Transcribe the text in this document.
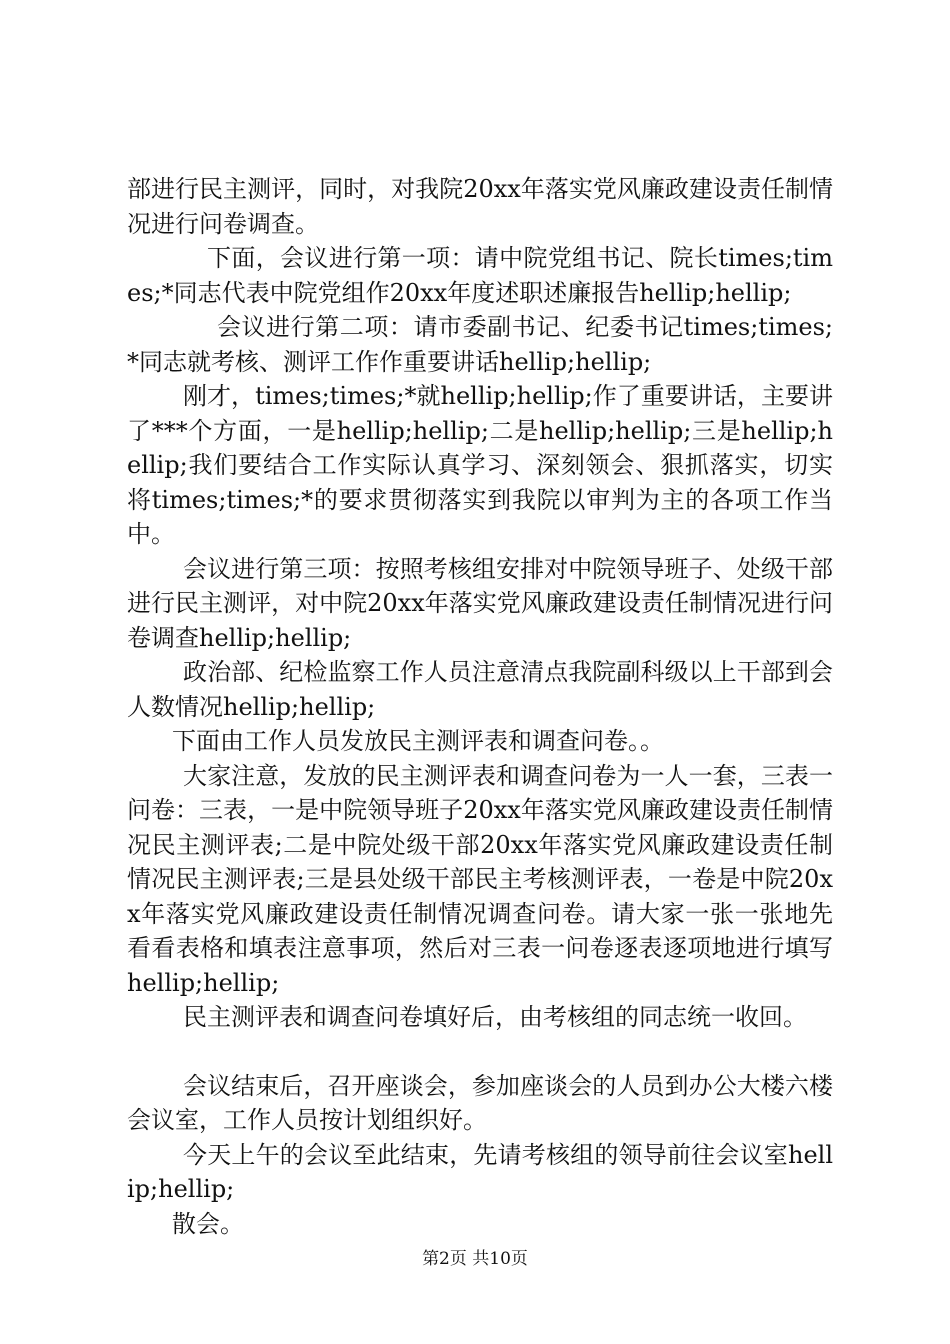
部进行民主测评，同时，对我院20xx年落实党风廉政建设责任制情况进行问卷调查。

下面，会议进行第一项：请中院党组书记、院长times;times;*同志代表中院党组作20xx年度述职述廉报告hellip;hellip;

会议进行第二项：请市委副书记、纪委书记times;times;*同志就考核、测评工作作重要讲话hellip;hellip;

刚才，times;times;*就hellip;hellip;作了重要讲话，主要讲了***个方面，一是hellip;hellip;二是hellip;hellip;三是hellip;hellip;我们要结合工作实际认真学习、深刻领会、狠抓落实，切实将times;times;*的要求贯彻落实到我院以审判为主的各项工作当中。

会议进行第三项：按照考核组安排对中院领导班子、处级干部进行民主测评，对中院20xx年落实党风廉政建设责任制情况进行问卷调查hellip;hellip;

政治部、纪检监察工作人员注意清点我院副科级以上干部到会人数情况hellip;hellip;

下面由工作人员发放民主测评表和调查问卷。。

大家注意，发放的民主测评表和调查问卷为一人一套，三表一问卷：三表，一是中院领导班子20xx年落实党风廉政建设责任制情况民主测评表;二是中院处级干部20xx年落实党风廉政建设责任制情况民主测评表;三是县处级干部民主考核测评表，一卷是中院20xx年落实党风廉政建设责任制情况调查问卷。请大家一张一张地先看看表格和填表注意事项，然后对三表一问卷逐表逐项地进行填写hellip;hellip;

民主测评表和调查问卷填好后，由考核组的同志统一收回。

会议结束后，召开座谈会，参加座谈会的人员到办公大楼六楼会议室，工作人员按计划组织好。

今天上午的会议至此结束，先请考核组的领导前往会议室hellip;hellip;

散会。

第2页 共10页
